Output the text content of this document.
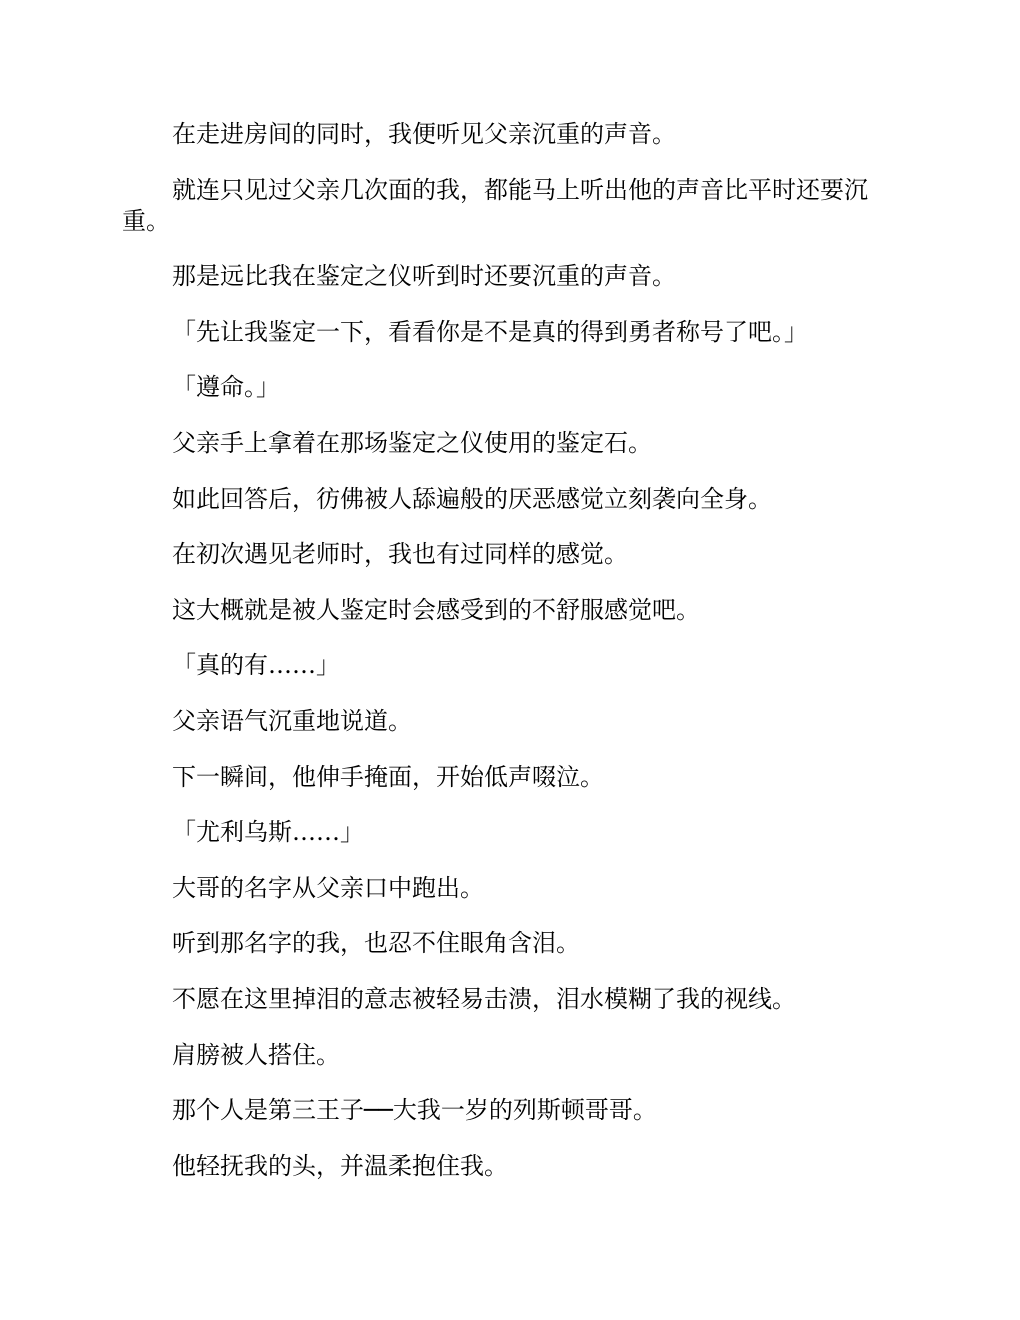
在走进房间的同时，我便听见父亲沉重的声音。

就连只见过父亲几次面的我，都能马上听出他的声音比平时还要沉重。

那是远比我在鉴定之仪听到时还要沉重的声音。

「先让我鉴定一下，看看你是不是真的得到勇者称号了吧。」

「遵命。」

父亲手上拿着在那场鉴定之仪使用的鉴定石。

如此回答后，彷佛被人舔遍般的厌恶感觉立刻袭向全身。

在初次遇见老师时，我也有过同样的感觉。

这大概就是被人鉴定时会感受到的不舒服感觉吧。

「真的有……」

父亲语气沉重地说道。

下一瞬间，他伸手掩面，开始低声啜泣。

「尤利乌斯……」

大哥的名字从父亲口中跑出。

听到那名字的我，也忍不住眼角含泪。

不愿在这里掉泪的意志被轻易击溃，泪水模糊了我的视线。

肩膀被人搭住。

那个人是第三王子──大我一岁的列斯顿哥哥。

他轻抚我的头，并温柔抱住我。
